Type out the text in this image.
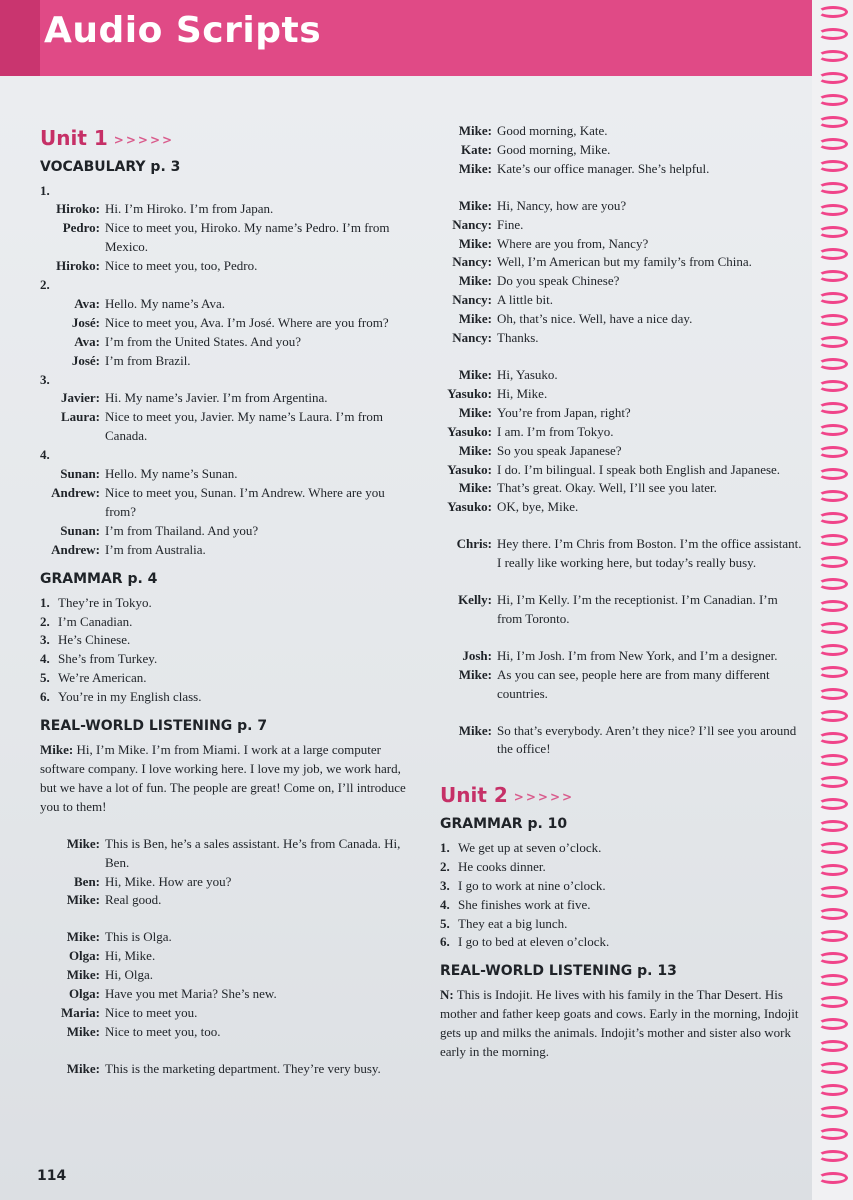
Audio Scripts
Unit 1 >>>>>
VOCABULARY p. 3
1.
Hiroko: Hi. I’m Hiroko. I’m from Japan.
Pedro: Nice to meet you, Hiroko. My name’s Pedro. I’m from Mexico.
Hiroko: Nice to meet you, too, Pedro.
2.
Ava: Hello. My name’s Ava.
José: Nice to meet you, Ava. I’m José. Where are you from?
Ava: I’m from the United States. And you?
José: I’m from Brazil.
3.
Javier: Hi. My name’s Javier. I’m from Argentina.
Laura: Nice to meet you, Javier. My name’s Laura. I’m from Canada.
4.
Sunan: Hello. My name’s Sunan.
Andrew: Nice to meet you, Sunan. I’m Andrew. Where are you from?
Sunan: I’m from Thailand. And you?
Andrew: I’m from Australia.
GRAMMAR p. 4
1. They’re in Tokyo.
2. I’m Canadian.
3. He’s Chinese.
4. She’s from Turkey.
5. We’re American.
6. You’re in my English class.
REAL-WORLD LISTENING p. 7

Mike: Hi, I’m Mike. I’m from Miami. I work at a large computer software company. I love working here. I love my job, we work hard, but we have a lot of fun. The people are great! Come on, I’ll introduce you to them!

Mike: This is Ben, he’s a sales assistant. He’s from Canada. Hi, Ben.
Ben: Hi, Mike. How are you?
Mike: Real good.
Mike: This is Olga.
Olga: Hi, Mike.
Mike: Hi, Olga.
Olga: Have you met Maria? She’s new.
Maria: Nice to meet you.
Mike: Nice to meet you, too.
Mike: This is the marketing department. They’re very busy.
Mike: Good morning, Kate.
Kate: Good morning, Mike.
Mike: Kate’s our office manager. She’s helpful.
Mike: Hi, Nancy, how are you?
Nancy: Fine.
Mike: Where are you from, Nancy?
Nancy: Well, I’m American but my family’s from China.
Mike: Do you speak Chinese?
Nancy: A little bit.
Mike: Oh, that’s nice. Well, have a nice day.
Nancy: Thanks.
Mike: Hi, Yasuko.
Yasuko: Hi, Mike.
Mike: You’re from Japan, right?
Yasuko: I am. I’m from Tokyo.
Mike: So you speak Japanese?
Yasuko: I do. I’m bilingual. I speak both English and Japanese.
Mike: That’s great. Okay. Well, I’ll see you later.
Yasuko: OK, bye, Mike.
Chris: Hey there. I’m Chris from Boston. I’m the office assistant. I really like working here, but today’s really busy.
Kelly: Hi, I’m Kelly. I’m the receptionist. I’m Canadian. I’m from Toronto.
Josh: Hi, I’m Josh. I’m from New York, and I’m a designer.
Mike: As you can see, people here are from many different countries.
Mike: So that’s everybody. Aren’t they nice? I’ll see you around the office!
Unit 2 >>>>>
GRAMMAR p. 10
1. We get up at seven o’clock.
2. He cooks dinner.
3. I go to work at nine o’clock.
4. She finishes work at five.
5. They eat a big lunch.
6. I go to bed at eleven o’clock.
REAL-WORLD LISTENING p. 13

N: This is Indojit. He lives with his family in the Thar Desert. His mother and father keep goats and cows. Early in the morning, Indojit gets up and milks the animals. Indojit’s mother and sister also work early in the morning.

114
